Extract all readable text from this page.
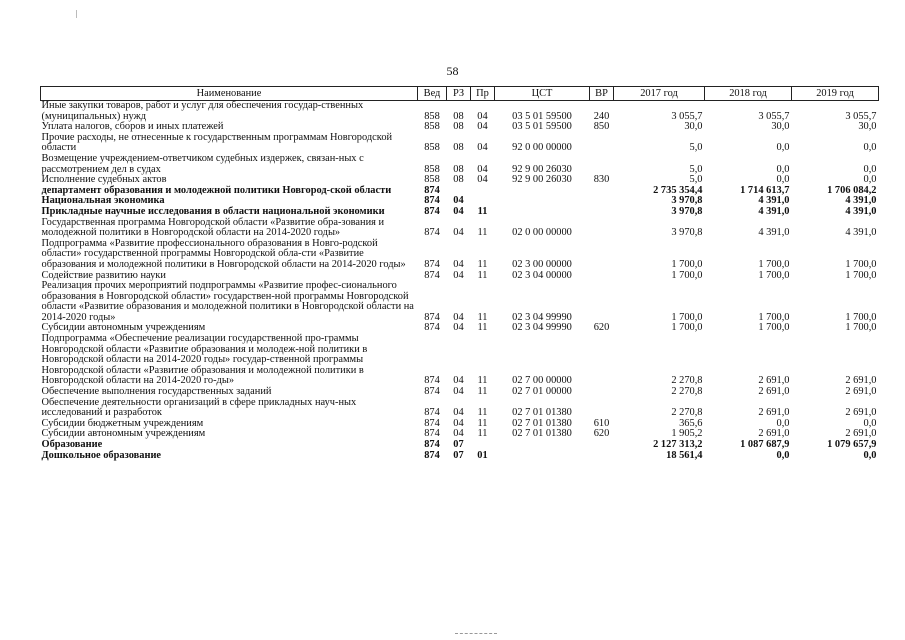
58
Наименование	Вед	РЗ	Пр	ЦСТ	ВР	2017 год	2018 год	2019 год
Иные закупки товаров, работ и услуг для обеспечения государ-ственных (муниципальных) нужд	858	08	04	03 5 01 59500	240	3 055,7	3 055,7	3 055,7
Уплата налогов, сборов и иных платежей	858	08	04	03 5 01 59500	850	30,0	30,0	30,0
Прочие расходы, не отнесенные к государственным программам Новгородской области	858	08	04	92 0 00 00000		5,0	0,0	0,0
Возмещение учреждением-ответчиком судебных издержек, связан-ных с рассмотрением дел в судах	858	08	04	92 9 00 26030		5,0	0,0	0,0
Исполнение судебных актов	858	08	04	92 9 00 26030	830	5,0	0,0	0,0
департамент образования и молодежной политики Новгород-ской области	874					2 735 354,4	1 714 613,7	1 706 084,2
Национальная экономика	874	04				3 970,8	4 391,0	4 391,0
Прикладные научные исследования в области национальной экономики	874	04	11			3 970,8	4 391,0	4 391,0
Государственная программа Новгородской области «Развитие обра-зования и молодежной политики в Новгородской области на 2014-2020 годы»	874	04	11	02 0 00 00000		3 970,8	4 391,0	4 391,0
Подпрограмма «Развитие профессионального образования в Новго-родской области» государственной программы Новгородской обла-сти «Развитие образования и молодежной политики в Новгородской области на 2014-2020 годы»	874	04	11	02 3 00 00000		1 700,0	1 700,0	1 700,0
Содействие развитию науки	874	04	11	02 3 04 00000		1 700,0	1 700,0	1 700,0
Реализация прочих мероприятий подпрограммы «Развитие профес-сионального образования в Новгородской области» государствен-ной программы Новгородской области «Развитие образования и молодежной политики в Новгородской области на 2014-2020 годы»	874	04	11	02 3 04 99990		1 700,0	1 700,0	1 700,0
Субсидии автономным учреждениям	874	04	11	02 3 04 99990	620	1 700,0	1 700,0	1 700,0
Подпрограмма «Обеспечение реализации государственной про-граммы Новгородской области «Развитие образования и молодеж-ной политики в Новгородской области на 2014-2020 годы» государ-ственной программы Новгородской области «Развитие образования и молодежной политики в Новгородской области на 2014-2020 го-ды»	874	04	11	02 7 00 00000		2 270,8	2 691,0	2 691,0
Обеспечение выполнения государственных заданий	874	04	11	02 7 01 00000		2 270,8	2 691,0	2 691,0
Обеспечение деятельности организаций в сфере прикладных науч-ных исследований и разработок	874	04	11	02 7 01 01380		2 270,8	2 691,0	2 691,0
Субсидии бюджетным учреждениям	874	04	11	02 7 01 01380	610	365,6	0,0	0,0
Субсидии автономным учреждениям	874	04	11	02 7 01 01380	620	1 905,2	2 691,0	2 691,0
Образование	874	07				2 127 313,2	1 087 687,9	1 079 657,9
Дошкольное образование	874	07	01			18 561,4	0,0	0,0
